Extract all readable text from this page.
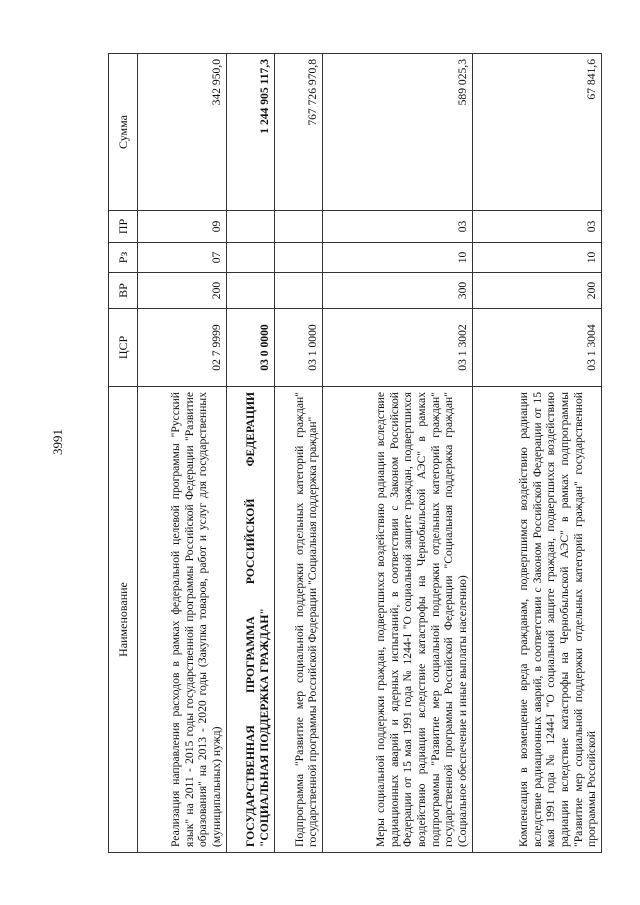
3991
Наименование	ЦСР	ВР	Рз	ПР	Сумма
Реализация направления расходов в рамках федеральной целевой программы "Русский язык" на 2011 - 2015 годы государственной программы Российской Федерации "Развитие образования" на 2013 - 2020 годы (Закупка товаров, работ и услуг для государственных (муниципальных) нужд)	02 7 9999	200	07	09	342 950,0
ГОСУДАРСТВЕННАЯ ПРОГРАММА РОССИЙСКОЙ ФЕДЕРАЦИИ "СОЦИАЛЬНАЯ ПОДДЕРЖКА ГРАЖДАН"	03 0 0000				1 244 905 117,3
Подпрограмма "Развитие мер социальной поддержки отдельных категорий граждан" государственной программы Российской Федерации "Социальная поддержка граждан"	03 1 0000				767 726 970,8
Меры социальной поддержки граждан, подвергшихся воздействию радиации вследствие радиационных аварий и ядерных испытаний, в соответствии с Законом Российской Федерации от 15 мая 1991 года № 1244-I "О социальной защите граждан, подвергшихся воздействию радиации вследствие катастрофы на Чернобыльской АЭС" в рамках подпрограммы "Развитие мер социальной поддержки отдельных категорий граждан" государственной программы Российской Федерации "Социальная поддержка граждан" (Социальное обеспечение и иные выплаты населению)	03 1 3002	300	10	03	589 025,3
Компенсация в возмещение вреда гражданам, подвергшимся воздействию радиации вследствие радиационных аварий, в соответствии с Законом Российской Федерации от 15 мая 1991 года № 1244-I "О социальной защите граждан, подвергшихся воздействию радиации вследствие катастрофы на Чернобыльской АЭС" в рамках подпрограммы "Развитие мер социальной поддержки отдельных категорий граждан" государственной программы Российской	03 1 3004	200	10	03	67 841,6
